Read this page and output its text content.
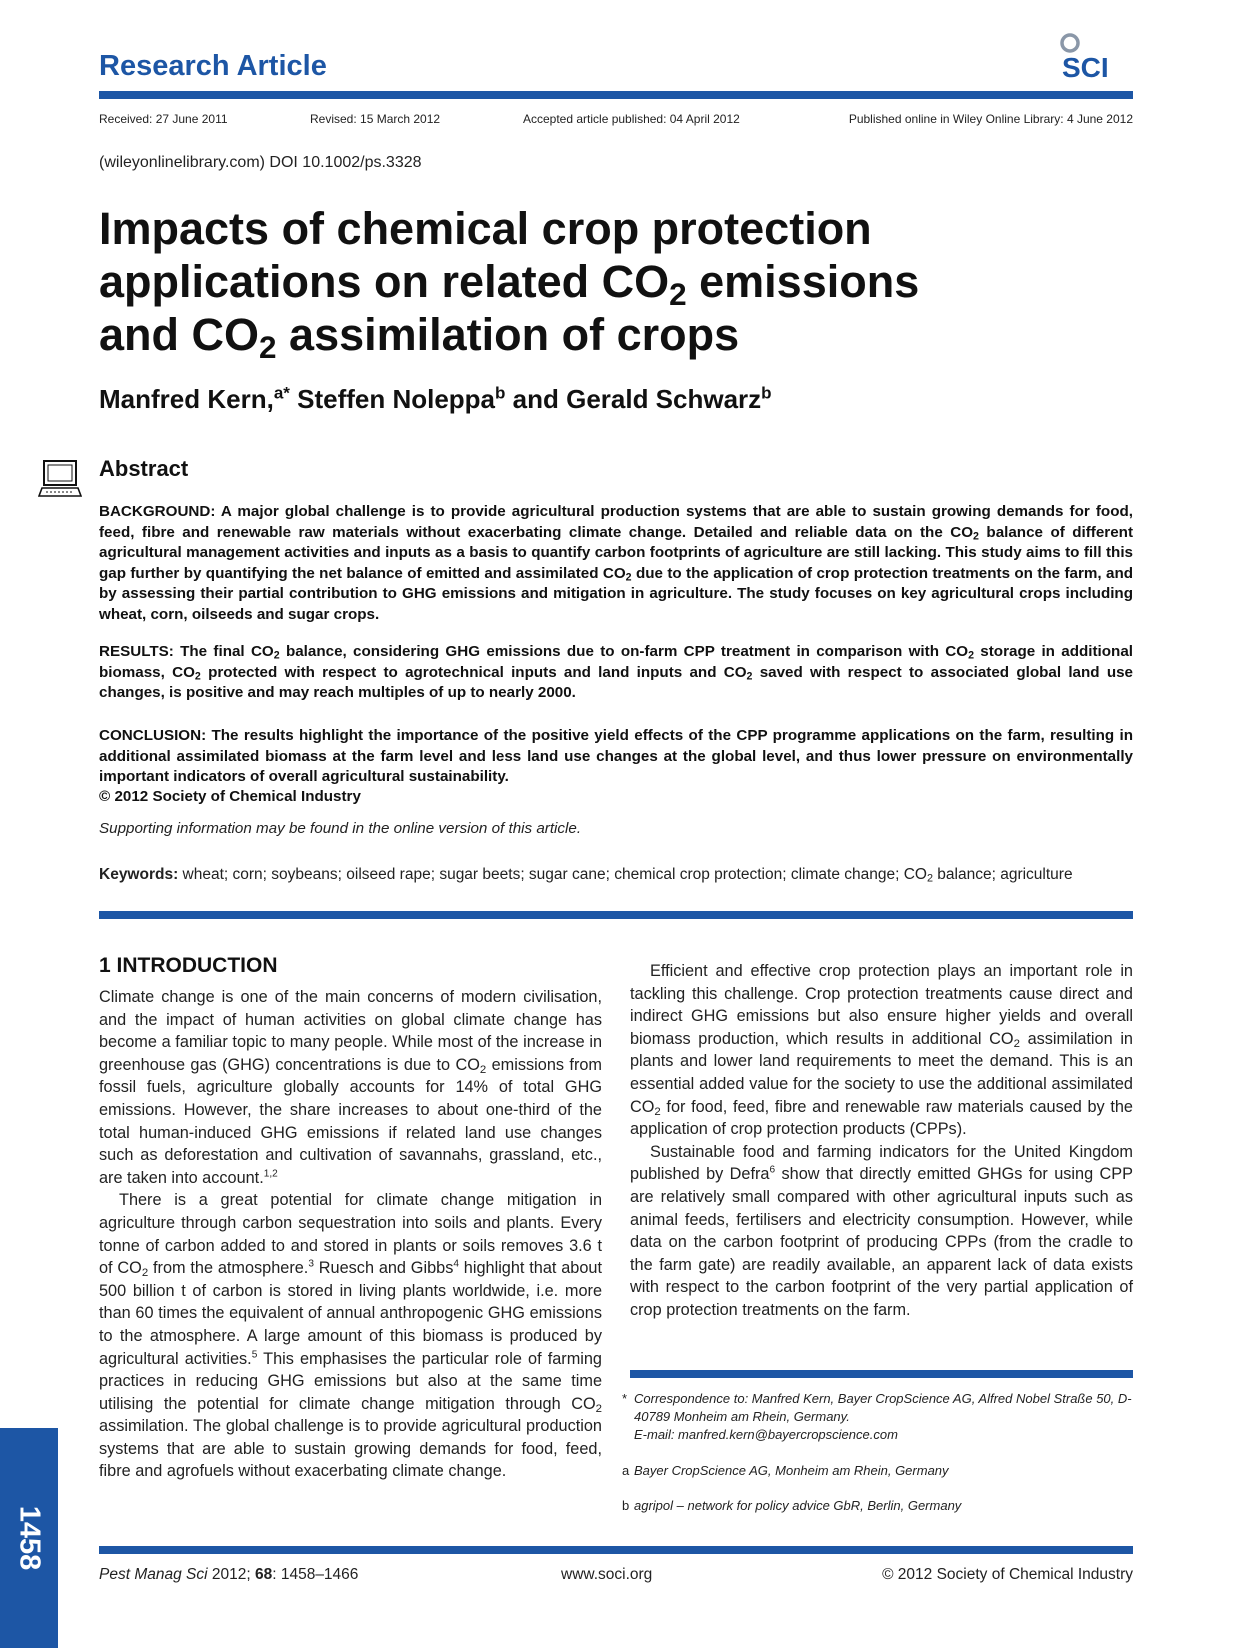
Research Article	SCI
Received: 27 June 2011	Revised: 15 March 2012	Accepted article published: 04 April 2012	Published online in Wiley Online Library: 4 June 2012
(wileyonlinelibrary.com) DOI 10.1002/ps.3328
Impacts of chemical crop protection
applications on related $CO_2$ emissions
and $CO_2$ assimilation of crops
Manfred Kern,$^{a*}$ Steffen Noleppa$^b$ and Gerald Schwarz$^b$
Abstract
BACKGROUND: A major global challenge is to provide agricultural production systems that are able to sustain growing demands for food, feed, fibre and renewable raw materials without exacerbating climate change. Detailed and reliable data on the $CO_2$ balance of different agricultural management activities and inputs as a basis to quantify carbon footprints of agriculture are still lacking. This study aims to fill this gap further by quantifying the net balance of emitted and assimilated $CO_2$ due to the application of crop protection treatments on the farm, and by assessing their partial contribution to GHG emissions and mitigation in agriculture. The study focuses on key agricultural crops including wheat, corn, oilseeds and sugar crops.
RESULTS: The final $CO_2$ balance, considering GHG emissions due to on-farm CPP treatment in comparison with $CO_2$ storage in additional biomass, $CO_2$ protected with respect to agrotechnical inputs and land inputs and $CO_2$ saved with respect to associated global land use changes, is positive and may reach multiples of up to nearly 2000.
CONCLUSION: The results highlight the importance of the positive yield effects of the CPP programme applications on the farm, resulting in additional assimilated biomass at the farm level and less land use changes at the global level, and thus lower pressure on environmentally important indicators of overall agricultural sustainability.
© 2012 Society of Chemical Industry
Supporting information may be found in the online version of this article.
Keywords: wheat; corn; soybeans; oilseed rape; sugar beets; sugar cane; chemical crop protection; climate change; $CO_2$ balance; agriculture
1 INTRODUCTION

Climate change is one of the main concerns of modern civilisation, and the impact of human activities on global climate change has become a familiar topic to many people. While most of the increase in greenhouse gas (GHG) concentrations is due to $CO_2$ emissions from fossil fuels, agriculture globally accounts for 14% of total GHG emissions. However, the share increases to about one-third of the total human-induced GHG emissions if related land use changes such as deforestation and cultivation of savannahs, grassland, etc., are taken into account.$^{1,2}$

There is a great potential for climate change mitigation in agriculture through carbon sequestration into soils and plants. Every tonne of carbon added to and stored in plants or soils removes 3.6 t of $CO_2$ from the atmosphere.$^3$ Ruesch and Gibbs$^4$ highlight that about 500 billion t of carbon is stored in living plants worldwide, i.e. more than 60 times the equivalent of annual anthropogenic GHG emissions to the atmosphere. A large amount of this biomass is produced by agricultural activities.$^5$ This emphasises the particular role of farming practices in reducing GHG emissions but also at the same time utilising the potential for climate change mitigation through $CO_2$ assimilation. The global challenge is to provide agricultural production systems that are able to sustain growing demands for food, feed, fibre and agrofuels without exacerbating climate change.

Efficient and effective crop protection plays an important role in tackling this challenge. Crop protection treatments cause direct and indirect GHG emissions but also ensure higher yields and overall biomass production, which results in additional $CO_2$ assimilation in plants and lower land requirements to meet the demand. This is an essential added value for the society to use the additional assimilated $CO_2$ for food, feed, fibre and renewable raw materials caused by the application of crop protection products (CPPs).

Sustainable food and farming indicators for the United Kingdom published by Defra$^6$ show that directly emitted GHGs for using CPP are relatively small compared with other agricultural inputs such as animal feeds, fertilisers and electricity consumption. However, while data on the carbon footprint of producing CPPs (from the cradle to the farm gate) are readily available, an apparent lack of data exists with respect to the carbon footprint of the very partial application of crop protection treatments on the farm.

* Correspondence to: Manfred Kern, Bayer CropScience AG, Alfred Nobel Straße 50, D-40789 Monheim am Rhein, Germany.
E-mail: manfred.kern@bayercropscience.com
a Bayer CropScience AG, Monheim am Rhein, Germany
b agripol – network for policy advice GbR, Berlin, Germany
Pest Manag Sci 2012; 68: 1458–1466	www.soci.org	© 2012 Society of Chemical Industry
1458
